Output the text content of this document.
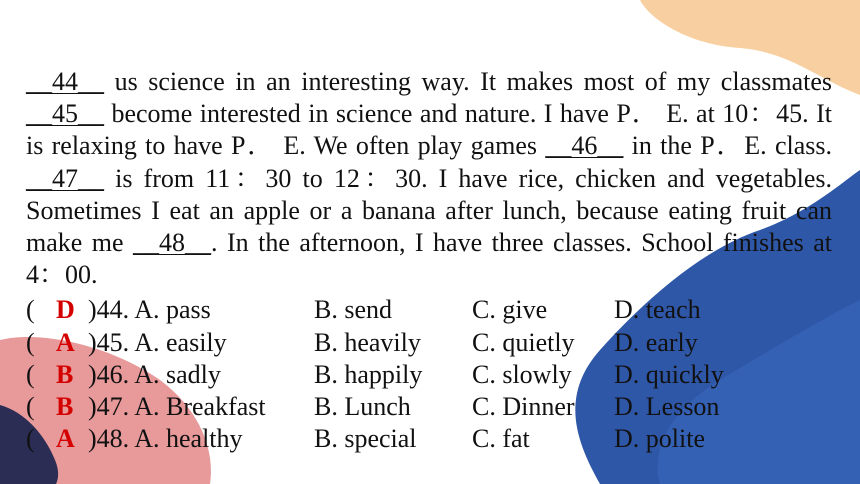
__44__ us science in an interesting way. It makes most of my classmates __45__ become interested in science and nature. I have P． E. at 10：45. It is relaxing to have P． E. We often play games __46__ in the P．E. class. __47__ is from 11：30 to 12：30. I have rice, chicken and vegetables. Sometimes I eat an apple or a banana after lunch, because eating fruit can make me __48__. In the afternoon, I have three classes. School finishes at 4：00.

( D )44. A. pass	B. send	C. give	D. teach
( A )45. A. easily	B. heavily C. quietly D. early
( B )46. A. sadly	B. happily C. slowly D. quickly
( B )47. A. Breakfast B. Lunch C. Dinner D. Lesson
( A )48. A. healthy	B. special C. fat	D. polite
